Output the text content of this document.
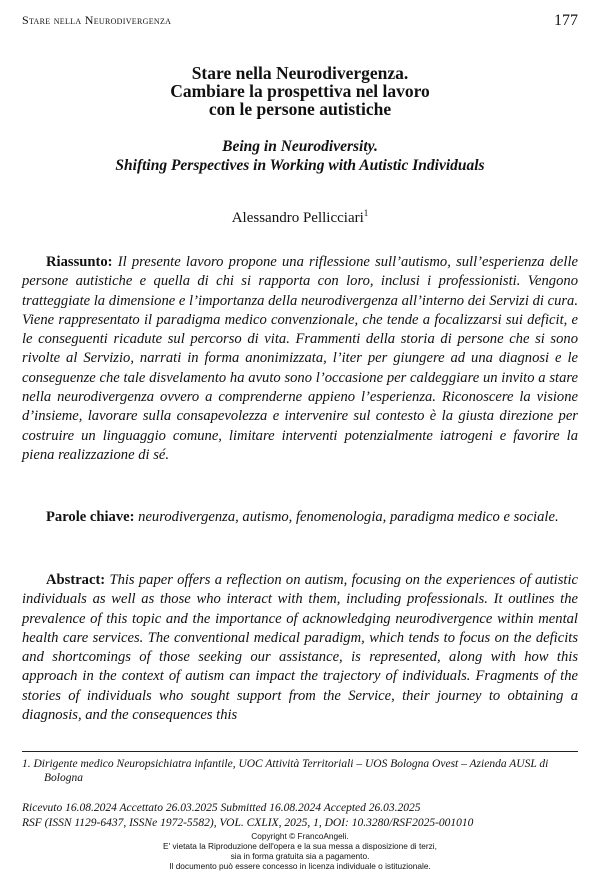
Stare nella Neurodivergenza	177
Stare nella Neurodivergenza.
Cambiare la prospettiva nel lavoro
con le persone autistiche
Being in Neurodiversity.
Shifting Perspectives in Working with Autistic Individuals
Alessandro Pellicciari$^1$

Riassunto: Il presente lavoro propone una riflessione sull’autismo, sull’esperienza delle persone autistiche e quella di chi si rapporta con loro, inclusi i professionisti. Vengono tratteggiate la dimensione e l’importanza della neurodivergenza all’interno dei Servizi di cura. Viene rappresentato il paradigma medico convenzionale, che tende a focalizzarsi sui deficit, e le conseguenti ricadute sul percorso di vita. Frammenti della storia di persone che si sono rivolte al Servizio, narrati in forma anonimizzata, l’iter per giungere ad una diagnosi e le conseguenze che tale disvelamento ha avuto sono l’occasione per caldeggiare un invito a stare nella neurodivergenza ovvero a comprenderne appieno l’esperienza. Riconoscere la visione d’insieme, lavorare sulla consapevolezza e intervenire sul contesto è la giusta direzione per costruire un linguaggio comune, limitare interventi potenzialmente iatrogeni e favorire la piena realizzazione di sé.

Parole chiave: neurodivergenza, autismo, fenomenologia, paradigma medico e sociale.

Abstract: This paper offers a reflection on autism, focusing on the experiences of autistic individuals as well as those who interact with them, including professionals. It outlines the prevalence of this topic and the importance of acknowledging neurodivergence within mental health care services. The conventional medical paradigm, which tends to focus on the deficits and shortcomings of those seeking our assistance, is represented, along with how this approach in the context of autism can impact the trajectory of individuals. Fragments of the stories of individuals who sought support from the Service, their journey to obtaining a diagnosis, and the consequences this

1. Dirigente medico Neuropsichiatra infantile, UOC Attività Territoriali – UOS Bologna Ovest – Azienda AUSL di Bologna
Ricevuto 16.08.2024 Accettato 26.03.2025 Submitted 16.08.2024 Accepted 26.03.2025
RSF (ISSN 1129-6437, ISSNe 1972-5582), VOL. CXLIX, 2025, 1, DOI: 10.3280/RSF2025-001010
Copyright © FrancoAngeli.
E' vietata la Riproduzione dell'opera e la sua messa a disposizione di terzi,
sia in forma gratuita sia a pagamento.
Il documento può essere concesso in licenza individuale o istituzionale.
